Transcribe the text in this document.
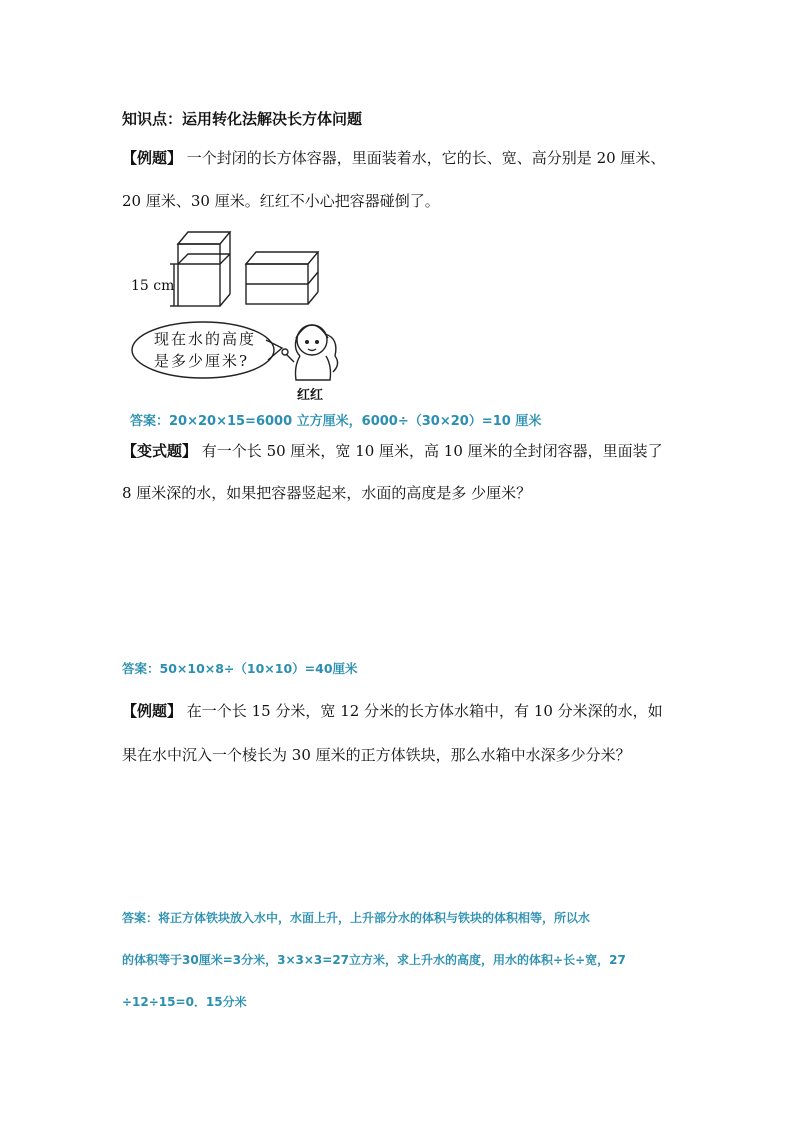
知识点：运用转化法解决长方体问题
【例题】 一个封闭的长方体容器，里面装着水，它的长、宽、高分别是 20 厘米、
20 厘米、30 厘米。红红不小心把容器碰倒了。
15 cm
现在水的高度
是多少厘米?
红红
答案：20×20×15=6000 立方厘米，6000÷（30×20）=10 厘米
【变式题】 有一个长 50 厘米，宽 10 厘米，高 10 厘米的全封闭容器，里面装了
8 厘米深的水，如果把容器竖起来，水面的高度是多 少厘米？
答案：50×10×8÷（10×10）=40厘米
【例题】 在一个长 15 分米，宽 12 分米的长方体水箱中，有 10 分米深的水，如
果在水中沉入一个棱长为 30 厘米的正方体铁块，那么水箱中水深多少分米？
答案：将正方体铁块放入水中，水面上升，上升部分水的体积与铁块的体积相等，所以水
的体积等于30厘米=3分米，3×3×3=27立方米，求上升水的高度，用水的体积÷长÷宽，27
÷12÷15=0．15分米
